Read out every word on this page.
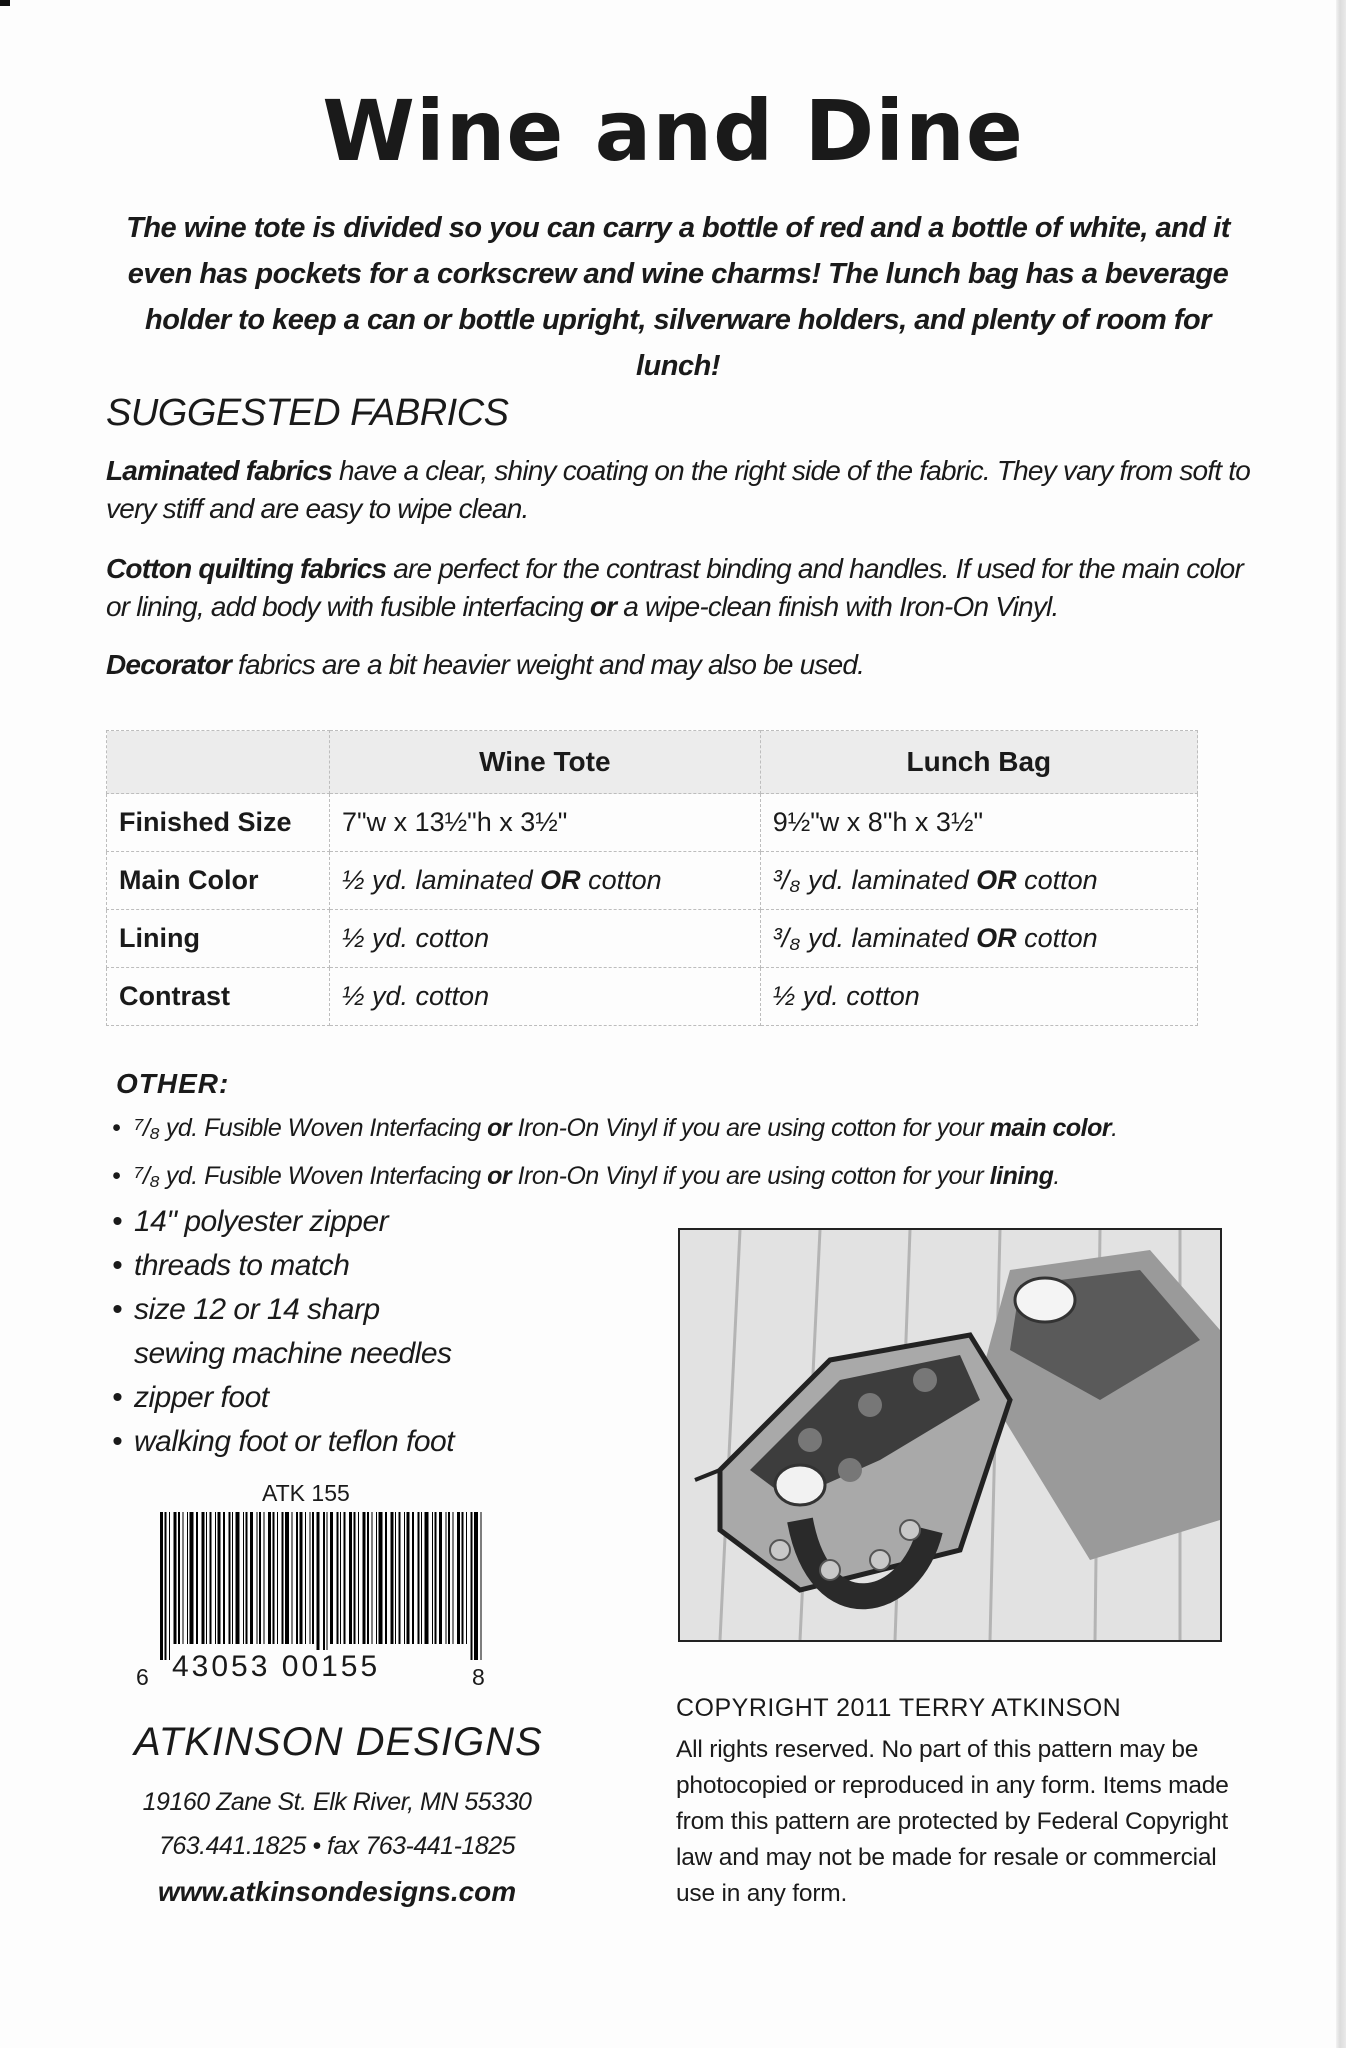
Wine and Dine
The wine tote is divided so you can carry a bottle of red and a bottle of white, and it even has pockets for a corkscrew and wine charms! The lunch bag has a beverage holder to keep a can or bottle upright, silverware holders, and plenty of room for lunch!
SUGGESTED FABRICS
Laminated fabrics have a clear, shiny coating on the right side of the fabric. They vary from soft to very stiff and are easy to wipe clean.
Cotton quilting fabrics are perfect for the contrast binding and handles. If used for the main color or lining, add body with fusible interfacing or a wipe-clean finish with Iron-On Vinyl.
Decorator fabrics are a bit heavier weight and may also be used.
	Wine Tote	Lunch Bag
Finished Size	7"w x 13½"h x 3½"	9½"w x 8"h x 3½"
Main Color	½ yd. laminated OR cotton	³/₈ yd. laminated OR cotton
Lining	½ yd. cotton	³/₈ yd. laminated OR cotton
Contrast	½ yd. cotton	½ yd. cotton
OTHER:
• ⁷/₈ yd. Fusible Woven Interfacing or Iron-On Vinyl if you are using cotton for your main color.
• ⁷/₈ yd. Fusible Woven Interfacing or Iron-On Vinyl if you are using cotton for your lining.
• 14" polyester zipper
• threads to match
• size 12 or 14 sharp
sewing machine needles
• zipper foot
• walking foot or teflon foot
ATK 155
6 43053 00155	8
ATKINSON DESIGNS
19160 Zane St. Elk River, MN 55330
763.441.1825 • fax 763-441-1825
www.atkinsondesigns.com
COPYRIGHT 2011 TERRY ATKINSON
All rights reserved. No part of this pattern may be photocopied or reproduced in any form. Items made from this pattern are protected by Federal Copyright law and may not be made for resale or commercial use in any form.
